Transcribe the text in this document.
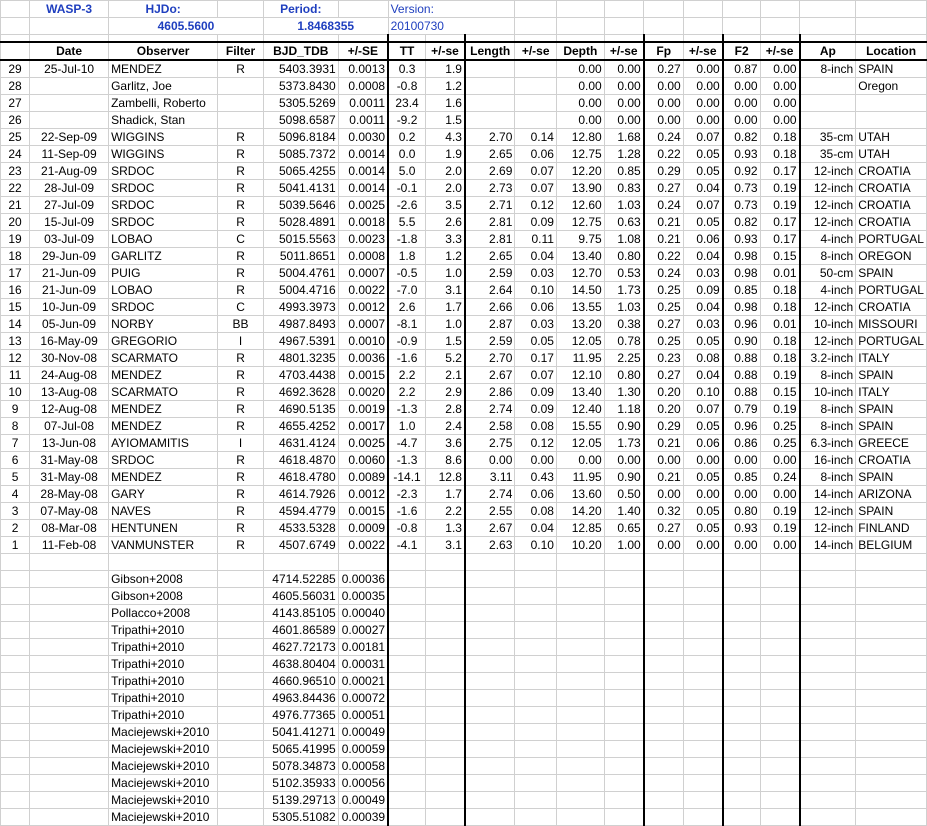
	WASP-3	HJDo:		Period:		Version:											
		4605.5600		1.8468355		20100730											

	Date	Observer	Filter	BJD_TDB	+/-SE	TT	+/-se	Length	+/-se	Depth	+/-se	Fp	+/-se	F2	+/-se	Ap	Location
29	25-Jul-10	MENDEZ	R	5403.3931	0.0013	0.3	1.9			0.00	0.00	0.27	0.00	0.87	0.00	8-inch	SPAIN
28		Garlitz, Joe		5373.8430	0.0008	-0.8	1.2			0.00	0.00	0.00	0.00	0.00	0.00		Oregon
27		Zambelli, Roberto		5305.5269	0.0011	23.4	1.6			0.00	0.00	0.00	0.00	0.00	0.00		
26		Shadick, Stan		5098.6587	0.0011	-9.2	1.5			0.00	0.00	0.00	0.00	0.00	0.00		
25	22-Sep-09	WIGGINS	R	5096.8184	0.0030	0.2	4.3	2.70	0.14	12.80	1.68	0.24	0.07	0.82	0.18	35-cm	UTAH
24	11-Sep-09	WIGGINS	R	5085.7372	0.0014	0.0	1.9	2.65	0.06	12.75	1.28	0.22	0.05	0.93	0.18	35-cm	UTAH
23	21-Aug-09	SRDOC	R	5065.4255	0.0014	5.0	2.0	2.69	0.07	12.20	0.85	0.29	0.05	0.92	0.17	12-inch	CROATIA
22	28-Jul-09	SRDOC	R	5041.4131	0.0014	-0.1	2.0	2.73	0.07	13.90	0.83	0.27	0.04	0.73	0.19	12-inch	CROATIA
21	27-Jul-09	SRDOC	R	5039.5646	0.0025	-2.6	3.5	2.71	0.12	12.60	1.03	0.24	0.07	0.73	0.19	12-inch	CROATIA
20	15-Jul-09	SRDOC	R	5028.4891	0.0018	5.5	2.6	2.81	0.09	12.75	0.63	0.21	0.05	0.82	0.17	12-inch	CROATIA
19	03-Jul-09	LOBAO	C	5015.5563	0.0023	-1.8	3.3	2.81	0.11	9.75	1.08	0.21	0.06	0.93	0.17	4-inch	PORTUGAL
18	29-Jun-09	GARLITZ	R	5011.8651	0.0008	1.8	1.2	2.65	0.04	13.40	0.80	0.22	0.04	0.98	0.15	8-inch	OREGON
17	21-Jun-09	PUIG	R	5004.4761	0.0007	-0.5	1.0	2.59	0.03	12.70	0.53	0.24	0.03	0.98	0.01	50-cm	SPAIN
16	21-Jun-09	LOBAO	R	5004.4716	0.0022	-7.0	3.1	2.64	0.10	14.50	1.73	0.25	0.09	0.85	0.18	4-inch	PORTUGAL
15	10-Jun-09	SRDOC	C	4993.3973	0.0012	2.6	1.7	2.66	0.06	13.55	1.03	0.25	0.04	0.98	0.18	12-inch	CROATIA
14	05-Jun-09	NORBY	BB	4987.8493	0.0007	-8.1	1.0	2.87	0.03	13.20	0.38	0.27	0.03	0.96	0.01	10-inch	MISSOURI
13	16-May-09	GREGORIO	I	4967.5391	0.0010	-0.9	1.5	2.59	0.05	12.05	0.78	0.25	0.05	0.90	0.18	12-inch	PORTUGAL
12	30-Nov-08	SCARMATO	R	4801.3235	0.0036	-1.6	5.2	2.70	0.17	11.95	2.25	0.23	0.08	0.88	0.18	3.2-inch	ITALY
11	24-Aug-08	MENDEZ	R	4703.4438	0.0015	2.2	2.1	2.67	0.07	12.10	0.80	0.27	0.04	0.88	0.19	8-inch	SPAIN
10	13-Aug-08	SCARMATO	R	4692.3628	0.0020	2.2	2.9	2.86	0.09	13.40	1.30	0.20	0.10	0.88	0.15	10-inch	ITALY
9	12-Aug-08	MENDEZ	R	4690.5135	0.0019	-1.3	2.8	2.74	0.09	12.40	1.18	0.20	0.07	0.79	0.19	8-inch	SPAIN
8	07-Jul-08	MENDEZ	R	4655.4252	0.0017	1.0	2.4	2.58	0.08	15.55	0.90	0.29	0.05	0.96	0.25	8-inch	SPAIN
7	13-Jun-08	AYIOMAMITIS	I	4631.4124	0.0025	-4.7	3.6	2.75	0.12	12.05	1.73	0.21	0.06	0.86	0.25	6.3-inch	GREECE
6	31-May-08	SRDOC	R	4618.4870	0.0060	-1.3	8.6	0.00	0.00	0.00	0.00	0.00	0.00	0.00	0.00	16-inch	CROATIA
5	31-May-08	MENDEZ	R	4618.4780	0.0089	-14.1	12.8	3.11	0.43	11.95	0.90	0.21	0.05	0.85	0.24	8-inch	SPAIN
4	28-May-08	GARY	R	4614.7926	0.0012	-2.3	1.7	2.74	0.06	13.60	0.50	0.00	0.00	0.00	0.00	14-inch	ARIZONA
3	07-May-08	NAVES	R	4594.4779	0.0015	-1.6	2.2	2.55	0.08	14.20	1.40	0.32	0.05	0.80	0.19	12-inch	SPAIN
2	08-Mar-08	HENTUNEN	R	4533.5328	0.0009	-0.8	1.3	2.67	0.04	12.85	0.65	0.27	0.05	0.93	0.19	12-inch	FINLAND
1	11-Feb-08	VANMUNSTER	R	4507.6749	0.0022	-4.1	3.1	2.63	0.10	10.20	1.00	0.00	0.00	0.00	0.00	14-inch	BELGIUM

		Gibson+2008		4714.52285	0.00036												
		Gibson+2008		4605.56031	0.00035												
		Pollacco+2008		4143.85105	0.00040												
		Tripathi+2010		4601.86589	0.00027												
		Tripathi+2010		4627.72173	0.00181												
		Tripathi+2010		4638.80404	0.00031												
		Tripathi+2010		4660.96510	0.00021												
		Tripathi+2010		4963.84436	0.00072												
		Tripathi+2010		4976.77365	0.00051												
		Maciejewski+2010		5041.41271	0.00049												
		Maciejewski+2010		5065.41995	0.00059												
		Maciejewski+2010		5078.34873	0.00058												
		Maciejewski+2010		5102.35933	0.00056												
		Maciejewski+2010		5139.29713	0.00049												
		Maciejewski+2010		5305.51082	0.00039												
